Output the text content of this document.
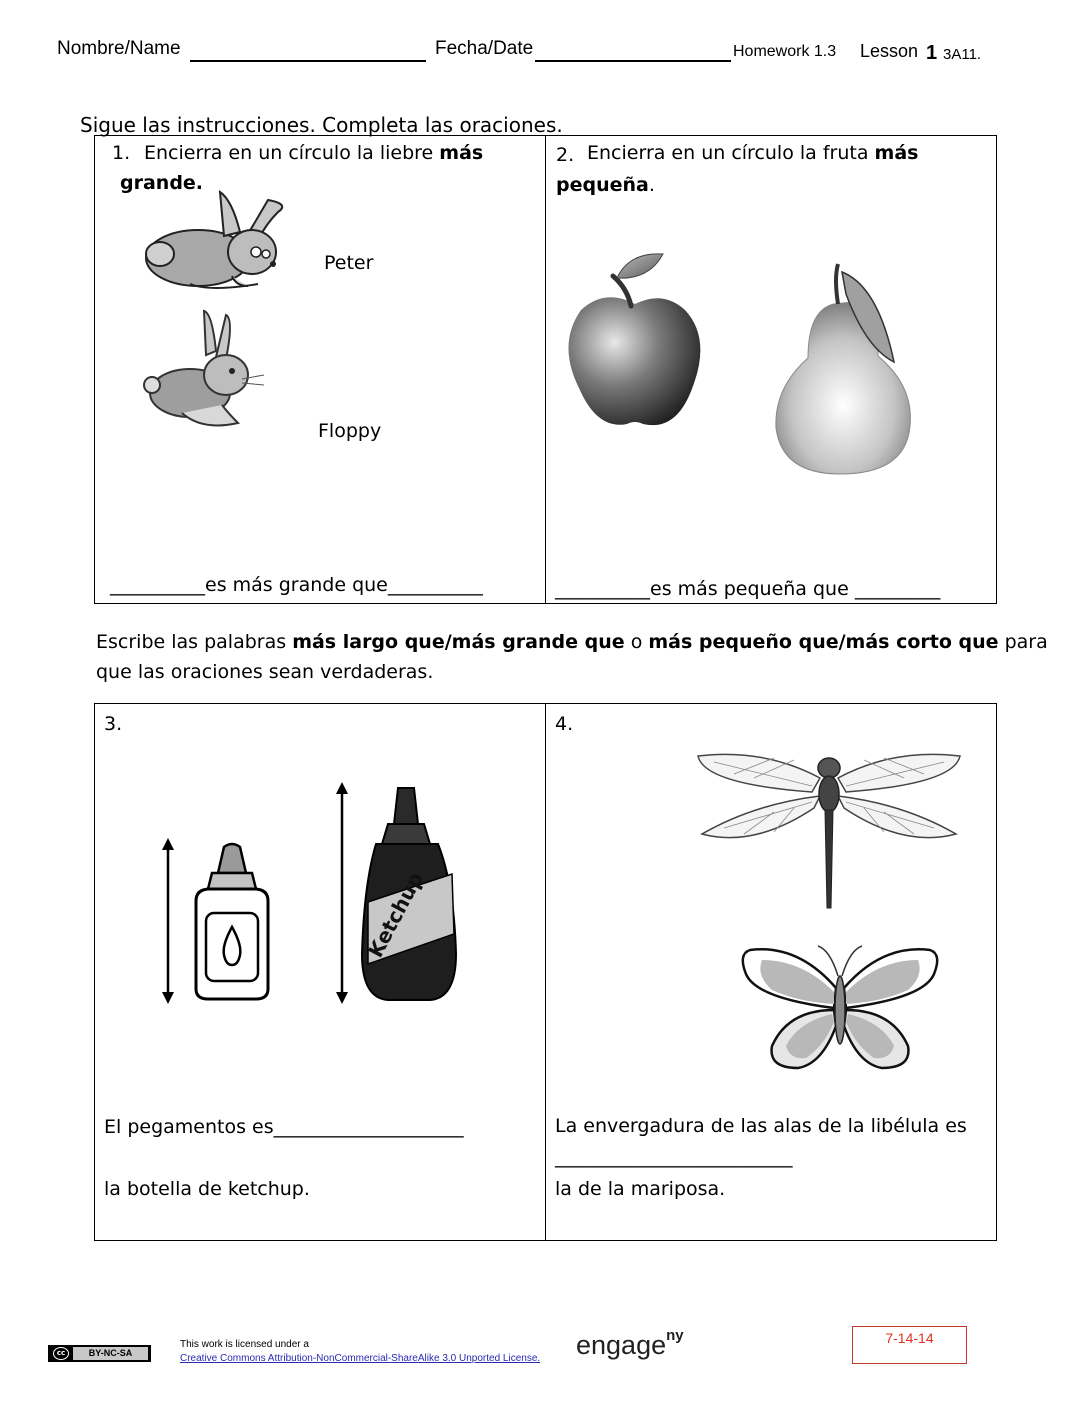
Nombre/Name	Fecha/Date	Homework 1.3 Lesson 1 3A11.
Sigue las instrucciones. Completa las oraciones.
1. Encierra en un círculo la liebre más
grande.
Peter
Floppy
__________es más grande que__________
2. Encierra en un círculo la fruta más
pequeña.
__________es más pequeña que _________
Escribe las palabras más largo que/más grande que o más pequeño que/más corto que para
que las oraciones sean verdaderas.
3.
Ketchup
El pegamentos es____________________
la botella de ketchup.
4.
La envergadura de las alas de la libélula es
_________________________
la de la mariposa.
cc	BY-NC-SA
This work is licensed under a
Creative Commons Attribution-NonCommercial-ShareAlike 3.0 Unported License. engage$^{ny}$	7-14-14
